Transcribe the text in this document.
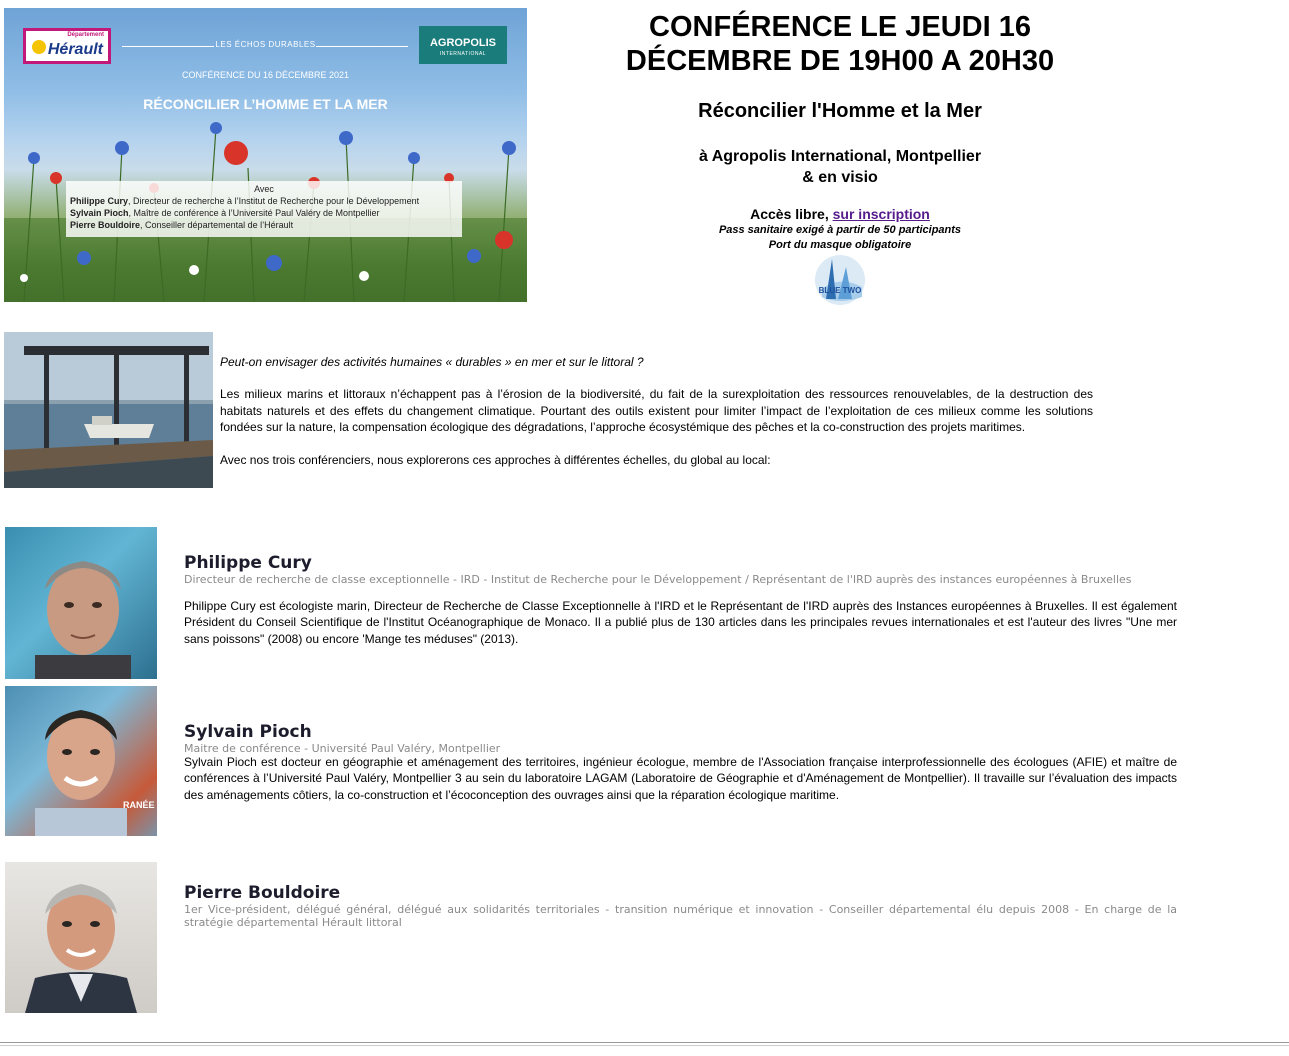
Département
Hérault	LES ÉCHOS DURABLES	AGROPOLIS
INTERNATIONAL
CONFÉRENCE DU 16 DÉCEMBRE 2021
RÉCONCILIER L’HOMME ET LA MER
Avec
Philippe Cury, Directeur de recherche à l’Institut de Recherche pour le Développement
Sylvain Pioch, Maître de conférence à l’Université Paul Valéry de Montpellier
Pierre Bouldoire, Conseiller départemental de l’Hérault
CONFÉRENCE LE JEUDI 16
DÉCEMBRE DE 19H00 A 20H30
Réconcilier l'Homme et la Mer
à Agropolis International, Montpellier
& en visio
Accès libre, sur inscription
Pass sanitaire exigé à partir de 50 participants
Port du masque obligatoire
BLUE TWO

Peut-on envisager des activités humaines « durables » en mer et sur le littoral ?

Les milieux marins et littoraux n’échappent pas à l’érosion de la biodiversité, du fait de la surexploitation des ressources renouvelables, de la destruction des habitats naturels et des effets du changement climatique. Pourtant des outils existent pour limiter l’impact de l’exploitation de ces milieux comme les solutions fondées sur la nature, la compensation écologique des dégradations, l’approche écosystémique des pêches et la co-construction des projets maritimes.

Avec nos trois conférenciers, nous explorerons ces approches à différentes échelles, du global au local:

Philippe Cury
Directeur de recherche de classe exceptionnelle - IRD - Institut de Recherche pour le Développement / Représentant de l'IRD auprès des instances européennes à Bruxelles
Philippe Cury est écologiste marin, Directeur de Recherche de Classe Exceptionnelle à l'IRD et le Représentant de l'IRD auprès des Instances européennes à Bruxelles. Il est également Président du Conseil Scientifique de l'Institut Océanographique de Monaco. Il a publié plus de 130 articles dans les principales revues internationales et est l'auteur des livres "Une mer sans poissons" (2008) ou encore 'Mange tes méduses" (2013).
RANÉE
Sylvain Pioch
Maitre de conférence - Université Paul Valéry, Montpellier
Sylvain Pioch est docteur en géographie et aménagement des territoires, ingénieur écologue, membre de l'Association française interprofessionnelle des écologues (AFIE) et maître de conférences à l’Université Paul Valéry, Montpellier 3 au sein du laboratoire LAGAM (Laboratoire de Géographie et d'Aménagement de Montpellier). Il travaille sur l’évaluation des impacts des aménagements côtiers, la co-construction et l’écoconception des ouvrages ainsi que la réparation écologique maritime.
Pierre Bouldoire
1er Vice-président, délégué général, délégué aux solidarités territoriales - transition numérique et innovation - Conseiller départemental élu depuis 2008 - En charge de la stratégie départemental Hérault littoral
